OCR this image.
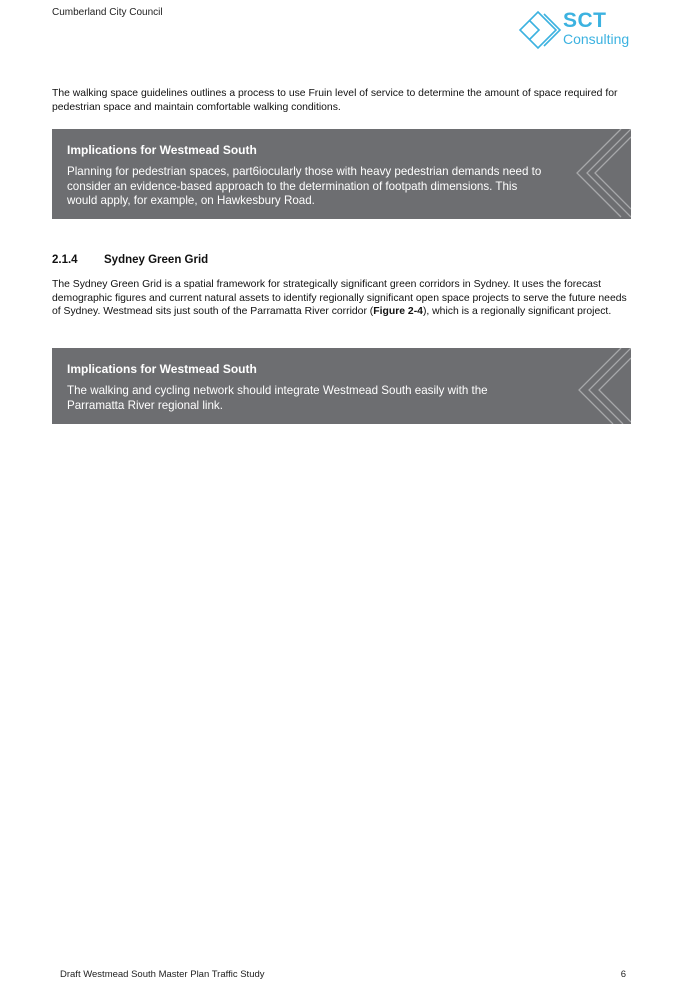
Cumberland City Council	SCT
Consulting

The walking space guidelines outlines a process to use Fruin level of service to determine the amount of space required for pedestrian space and maintain comfortable walking conditions.

Implications for Westmead South

Planning for pedestrian spaces, part6iocularly those with heavy pedestrian demands need to consider an evidence-based approach to the determination of footpath dimensions. This would apply, for example, on Hawkesbury Road.

2.1.4 Sydney Green Grid

The Sydney Green Grid is a spatial framework for strategically significant green corridors in Sydney. It uses the forecast demographic figures and current natural assets to identify regionally significant open space projects to serve the future needs of Sydney. Westmead sits just south of the Parramatta River corridor (Figure 2-4), which is a regionally significant project.

Implications for Westmead South

The walking and cycling network should integrate Westmead South easily with the Parramatta River regional link.

Draft Westmead South Master Plan Traffic Study	6
